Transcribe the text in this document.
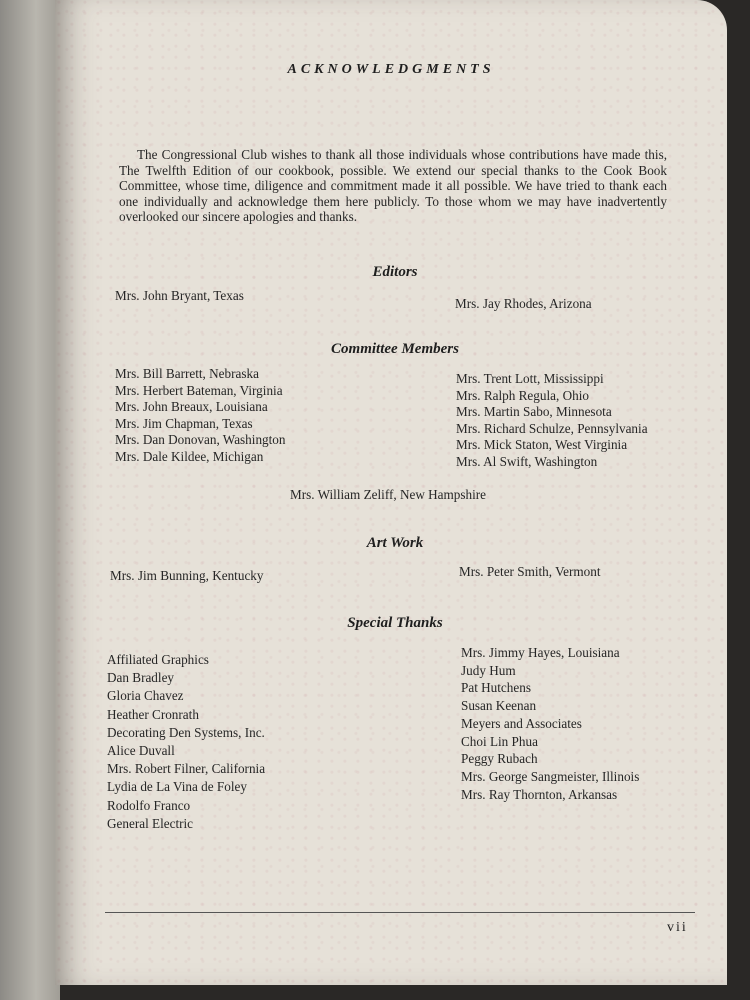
ACKNOWLEDGMENTS
The Congressional Club wishes to thank all those individuals whose contributions have made this, The Twelfth Edition of our cookbook, possible. We extend our special thanks to the Cook Book Committee, whose time, diligence and commitment made it all possible. We have tried to thank each one individually and acknowledge them here publicly. To those whom we may have inadvertently overlooked our sincere apologies and thanks.
Editors
Mrs. John Bryant, Texas
Mrs. Jay Rhodes, Arizona
Committee Members
Mrs. Bill Barrett, Nebraska
Mrs. Herbert Bateman, Virginia
Mrs. John Breaux, Louisiana
Mrs. Jim Chapman, Texas
Mrs. Dan Donovan, Washington
Mrs. Dale Kildee, Michigan
Mrs. Trent Lott, Mississippi
Mrs. Ralph Regula, Ohio
Mrs. Martin Sabo, Minnesota
Mrs. Richard Schulze, Pennsylvania
Mrs. Mick Staton, West Virginia
Mrs. Al Swift, Washington
Mrs. William Zeliff, New Hampshire
Art Work
Mrs. Jim Bunning, Kentucky	Mrs. Peter Smith, Vermont
Special Thanks
Affiliated Graphics
Dan Bradley
Gloria Chavez
Heather Cronrath
Decorating Den Systems, Inc.
Alice Duvall
Mrs. Robert Filner, California
Lydia de La Vina de Foley
Rodolfo Franco
General Electric
Mrs. Jimmy Hayes, Louisiana
Judy Hum
Pat Hutchens
Susan Keenan
Meyers and Associates
Choi Lin Phua
Peggy Rubach
Mrs. George Sangmeister, Illinois
Mrs. Ray Thornton, Arkansas
vii
